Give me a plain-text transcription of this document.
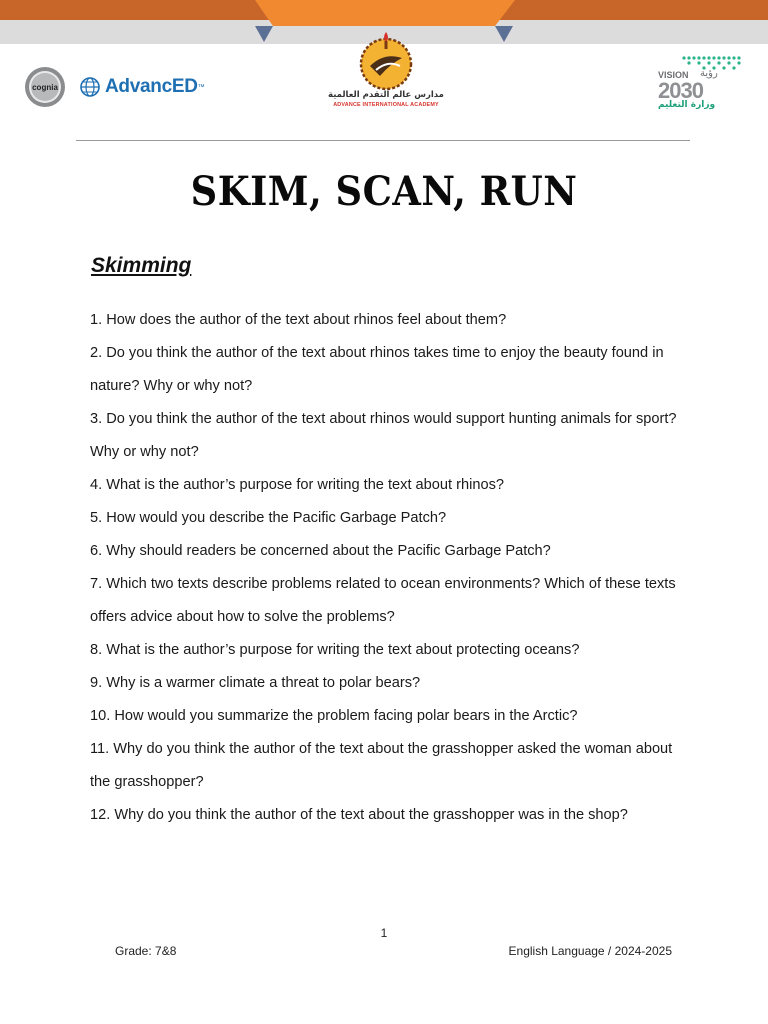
cognia AdvancED ™
مدارس عالم التقدم العالمية
ADVANCE INTERNATIONAL ACADEMY
VISION رؤية
2030
وزارة التعليم
SKIM, SCAN, RUN
Skimming
1. How does the author of the text about rhinos feel about them?
2. Do you think the author of the text about rhinos takes time to enjoy the beauty found in nature? Why or why not?
3. Do you think the author of the text about rhinos would support hunting animals for sport? Why or why not?
4. What is the author’s purpose for writing the text about rhinos?
5. How would you describe the Pacific Garbage Patch?
6. Why should readers be concerned about the Pacific Garbage Patch?
7. Which two texts describe problems related to ocean environments? Which of these texts offers advice about how to solve the problems?
8. What is the author’s purpose for writing the text about protecting oceans?
9. Why is a warmer climate a threat to polar bears?
10. How would you summarize the problem facing polar bears in the Arctic?
11. Why do you think the author of the text about the grasshopper asked the woman about the grasshopper?
12. Why do you think the author of the text about the grasshopper was in the shop?
1
Grade: 7&8	English Language / 2024-2025
